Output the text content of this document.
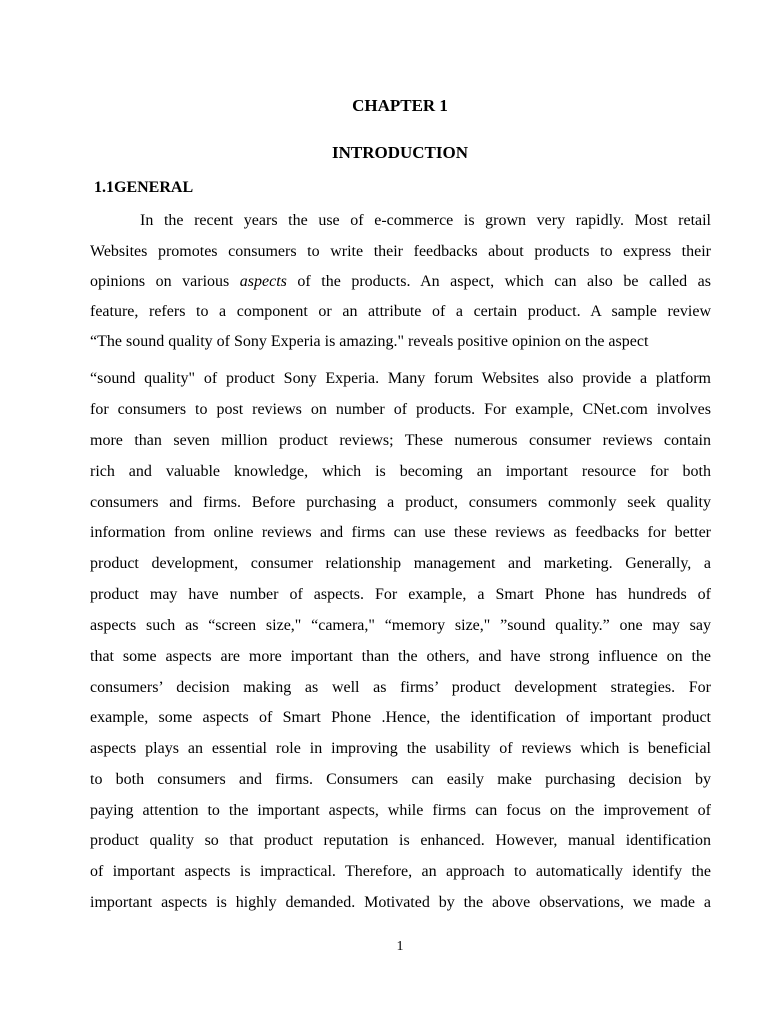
CHAPTER 1
INTRODUCTION
1.1GENERAL
In the recent years the use of e-commerce is grown very rapidly. Most retail
Websites promotes consumers to write their feedbacks about products to express their
opinions on various aspects of the products. An aspect, which can also be called as
feature, refers to a component or an attribute of a certain product. A sample review
“The sound quality of Sony Experia is amazing." reveals positive opinion on the aspect
“sound quality" of product Sony Experia. Many forum Websites also provide a platform
for consumers to post reviews on number of products. For example, CNet.com involves
more than seven million product reviews; These numerous consumer reviews contain
rich and valuable knowledge, which is becoming an important resource for both
consumers and firms. Before purchasing a product, consumers commonly seek quality
information from online reviews and firms can use these reviews as feedbacks for better
product development, consumer relationship management and marketing. Generally, a
product may have number of aspects. For example, a Smart Phone has hundreds of
aspects such as “screen size," “camera," “memory size," ”sound quality.” one may say
that some aspects are more important than the others, and have strong influence on the
consumers’ decision making as well as firms’ product development strategies. For
example, some aspects of Smart Phone .Hence, the identification of important product
aspects plays an essential role in improving the usability of reviews which is beneficial
to both consumers and firms. Consumers can easily make purchasing decision by
paying attention to the important aspects, while firms can focus on the improvement of
product quality so that product reputation is enhanced. However, manual identification
of important aspects is impractical. Therefore, an approach to automatically identify the
important aspects is highly demanded. Motivated by the above observations, we made a
1
